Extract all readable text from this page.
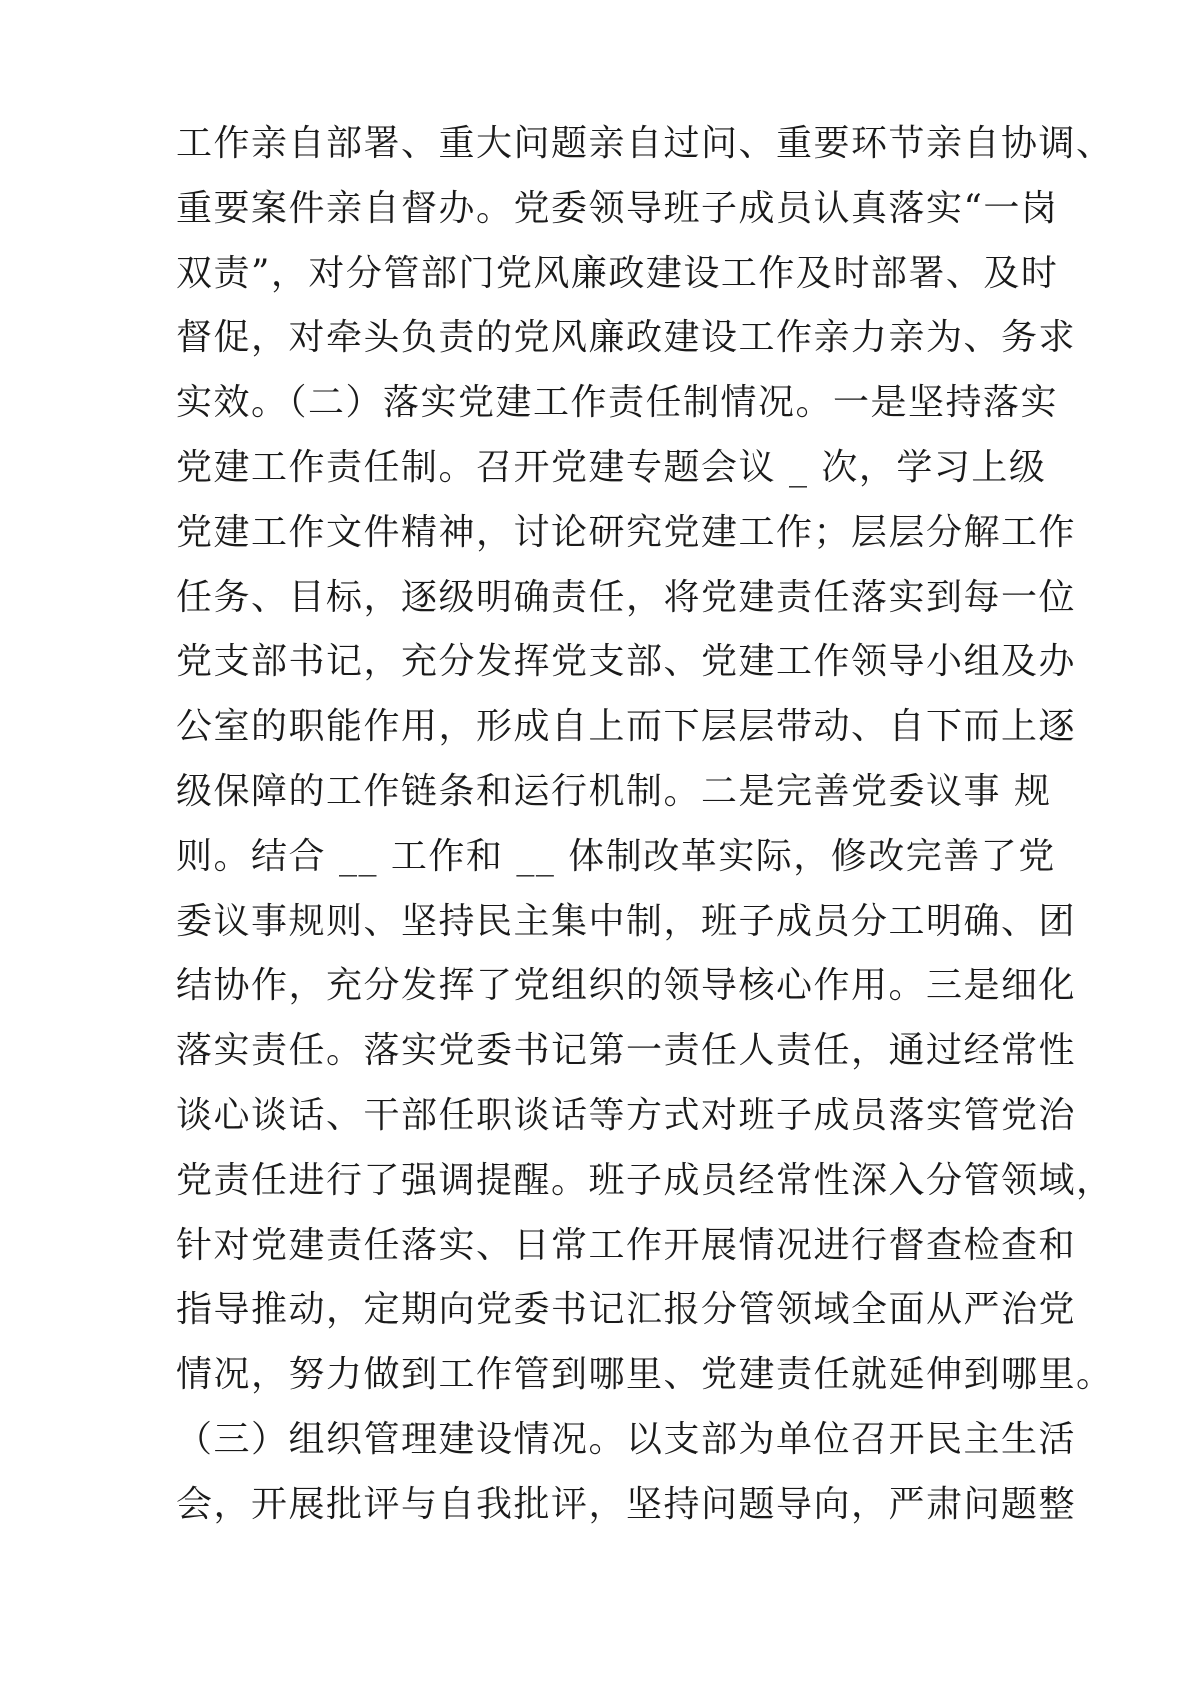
工作亲自部署、重大问题亲自过问、重要环节亲自协调、
重要案件亲自督办。党委领导班子成员认真落实“一岗
双责”，对分管部门党风廉政建设工作及时部署、及时
督促，对牵头负责的党风廉政建设工作亲力亲为、务求
实效。（二）落实党建工作责任制情况。一是坚持落实
党建工作责任制。召开党建专题会议 _ 次，学习上级
党建工作文件精神，讨论研究党建工作；层层分解工作
任务、目标，逐级明确责任，将党建责任落实到每一位
党支部书记，充分发挥党支部、党建工作领导小组及办
公室的职能作用，形成自上而下层层带动、自下而上逐
级保障的工作链条和运行机制。二是完善党委议事 规
则。结合 __ 工作和 __ 体制改革实际，修改完善了党
委议事规则、坚持民主集中制，班子成员分工明确、团
结协作，充分发挥了党组织的领导核心作用。三是细化
落实责任。落实党委书记第一责任人责任，通过经常性
谈心谈话、干部任职谈话等方式对班子成员落实管党治
党责任进行了强调提醒。班子成员经常性深入分管领域，
针对党建责任落实、日常工作开展情况进行督查检查和
指导推动，定期向党委书记汇报分管领域全面从严治党
情况，努力做到工作管到哪里、党建责任就延伸到哪里。
（三）组织管理建设情况。以支部为单位召开民主生活
会，开展批评与自我批评，坚持问题导向，严肃问题整
